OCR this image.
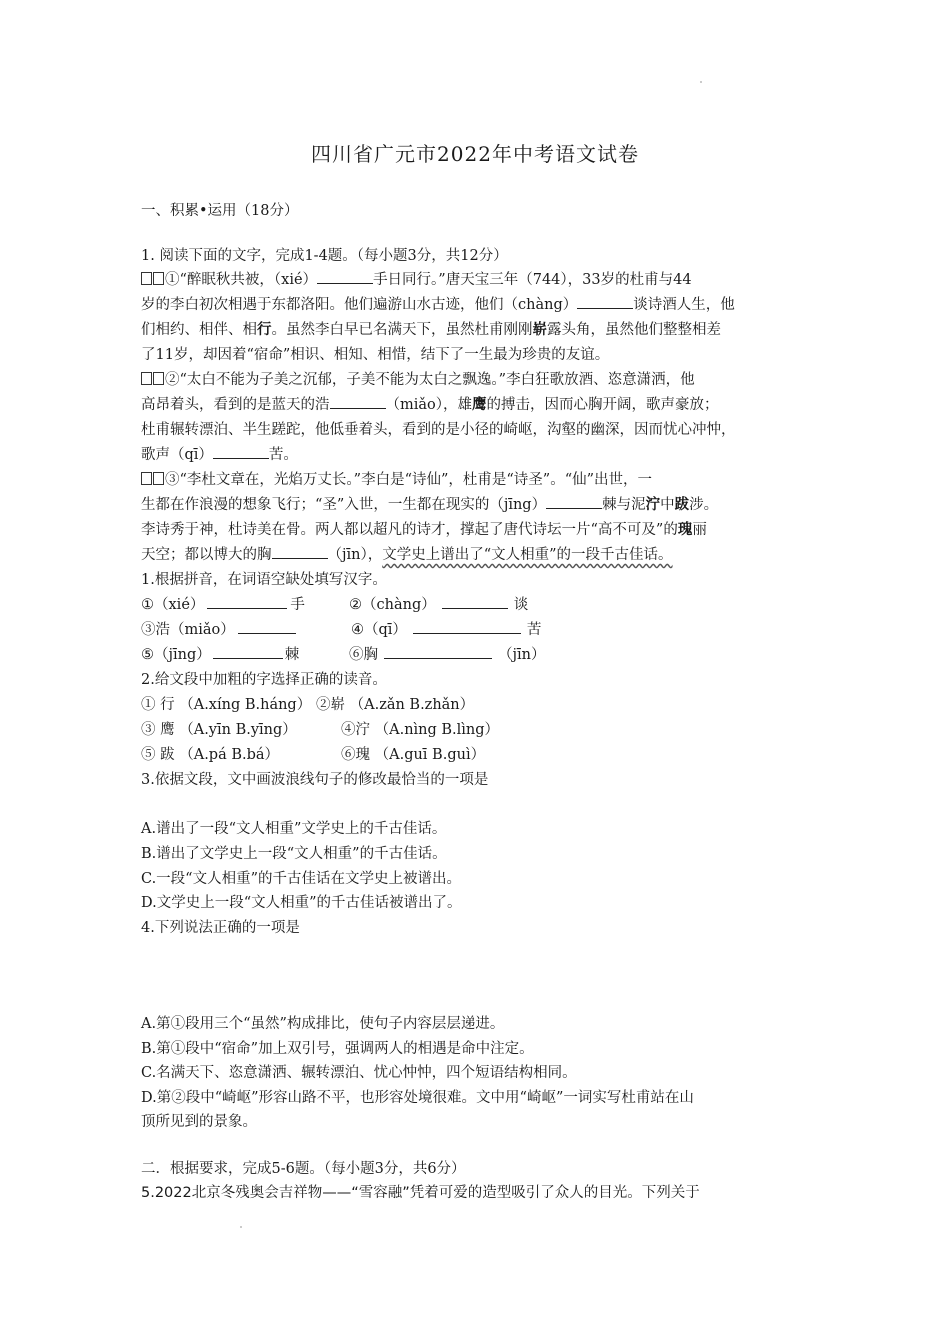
四川省广元市2022年中考语文试卷
一、积累•运用（18分）
1. 阅读下面的文字，完成1-4题。（每小题3分，共12分）
①“醉眠秋共被，（xié）	手日同行。”唐天宝三年（744），33岁的杜甫与44
岁的李白初次相遇于东都洛阳。他们遍游山水古迹，他们（chàng）	谈诗酒人生，他
们相约、相伴、相行。虽然李白早已名满天下，虽然杜甫刚刚崭露头角，虽然他们整整相差
了11岁，却因着“宿命”相识、相知、相惜，结下了一生最为珍贵的友谊。
②“太白不能为子美之沉郁，子美不能为太白之飘逸。”李白狂歌放酒、恣意潇洒，他
高昂着头，看到的是蓝天的浩	（miǎo），雄鹰的搏击，因而心胸开阔，歌声豪放；
杜甫辗转漂泊、半生蹉跎，他低垂着头，看到的是小径的崎岖，沟壑的幽深，因而忧心冲忡，
歌声（qī）	苦。
③“李杜文章在，光焰万丈长。”李白是“诗仙”，杜甫是“诗圣”。“仙”出世，一
生都在作浪漫的想象飞行；“圣”入世，一生都在现实的（jīng）	棘与泥泞中跋涉。
李诗秀于神，杜诗美在骨。两人都以超凡的诗才，撑起了唐代诗坛一片“高不可及”的瑰丽
天空；都以博大的胸	（jīn），文学史上谱出了“文人相重”的一段千古佳话。
1.根据拼音，在词语空缺处填写汉字。
①（xié）	手	②（chàng）	谈
③浩（miǎo）	④（qī）	苦
⑤（jīng）	棘	⑥胸	（jīn）
2.给文段中加粗的字选择正确的读音。
① 行 （A.xíng B.háng） ②崭 （A.zǎn B.zhǎn）
③ 鹰 （A.yīn B.yīng）	④泞 （A.nìng B.lìng）
⑤ 跋 （A.pá B.bá）	⑥瑰 （A.guī B.guì）
3.依据文段，文中画波浪线句子的修改最恰当的一项是
A.谱出了一段“文人相重”文学史上的千古佳话。
B.谱出了文学史上一段“文人相重”的千古佳话。
C.一段“文人相重”的千古佳话在文学史上被谱出。
D.文学史上一段“文人相重”的千古佳话被谱出了。
4.下列说法正确的一项是
A.第①段用三个“虽然”构成排比，使句子内容层层递进。
B.第①段中“宿命”加上双引号，强调两人的相遇是命中注定。
C.名满天下、恣意潇洒、辗转漂泊、忧心忡忡，四个短语结构相同。
D.第②段中“崎岖”形容山路不平，也形容处境很难。文中用“崎岖”一词实写杜甫站在山
顶所见到的景象。
二．根据要求，完成5-6题。（每小题3分，共6分）
5.2022北京冬残奥会吉祥物——“雪容融”凭着可爱的造型吸引了众人的目光。下列关于
